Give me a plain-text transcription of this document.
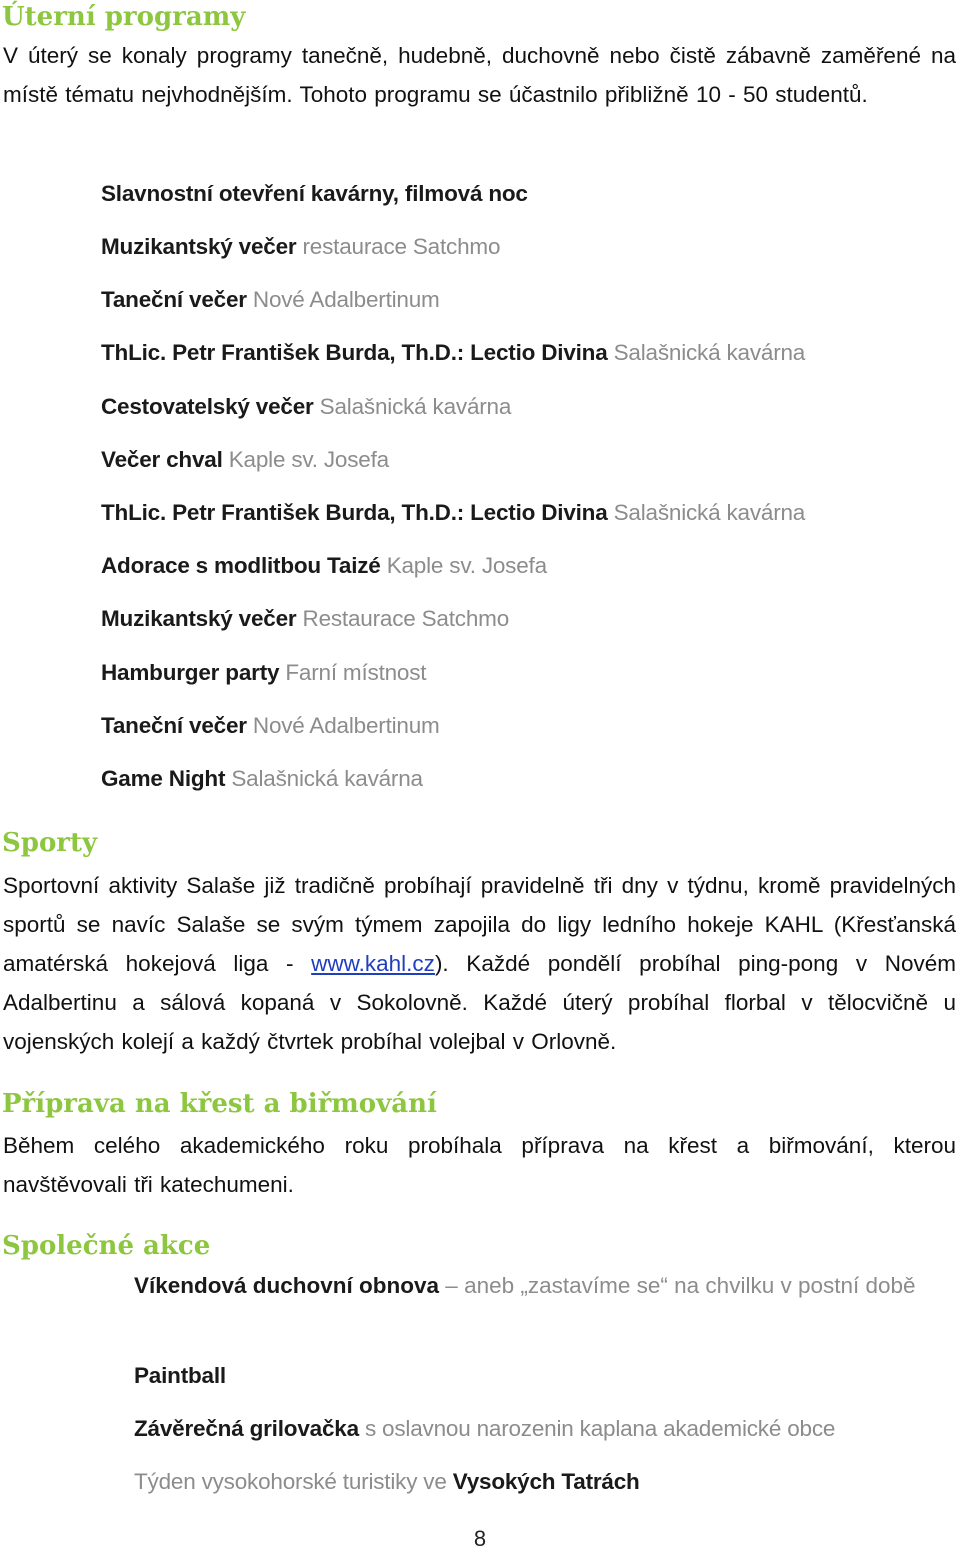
Úterní programy

V úterý se konaly programy tanečně, hudebně, duchovně nebo čistě zábavně zaměřené na místě tématu nejvhodnějším. Tohoto programu se účastnilo přibližně 10 - 50 studentů.

Slavnostní otevření kavárny, filmová noc
Muzikantský večer restaurace Satchmo
Taneční večer Nové Adalbertinum
ThLic. Petr František Burda, Th.D.: Lectio Divina Salašnická kavárna
Cestovatelský večer Salašnická kavárna
Večer chval Kaple sv. Josefa
ThLic. Petr František Burda, Th.D.: Lectio Divina Salašnická kavárna
Adorace s modlitbou Taizé Kaple sv. Josefa
Muzikantský večer Restaurace Satchmo
Hamburger party Farní místnost
Taneční večer Nové Adalbertinum
Game Night Salašnická kavárna
Sporty

Sportovní aktivity Salaše již tradičně probíhají pravidelně tři dny v týdnu, kromě pravidelných sportů se navíc Salaše se svým týmem zapojila do ligy ledního hokeje KAHL (Křesťanská amatérská hokejová liga - www.kahl.cz). Každé pondělí probíhal ping-pong v Novém Adalbertinu a sálová kopaná v Sokolovně. Každé úterý probíhal florbal v tělocvičně u vojenských kolejí a každý čtvrtek probíhal volejbal v Orlovně.

Příprava na křest a biřmování

Během celého akademického roku probíhala příprava na křest a biřmování, kterou navštěvovali tři katechumeni.

Společné akce
Víkendová duchovní obnova – aneb „zastavíme se“ na chvilku v postní době
Paintball
Závěrečná grilovačka s oslavnou narozenin kaplana akademické obce
Týden vysokohorské turistiky ve Vysokých Tatrách
8
